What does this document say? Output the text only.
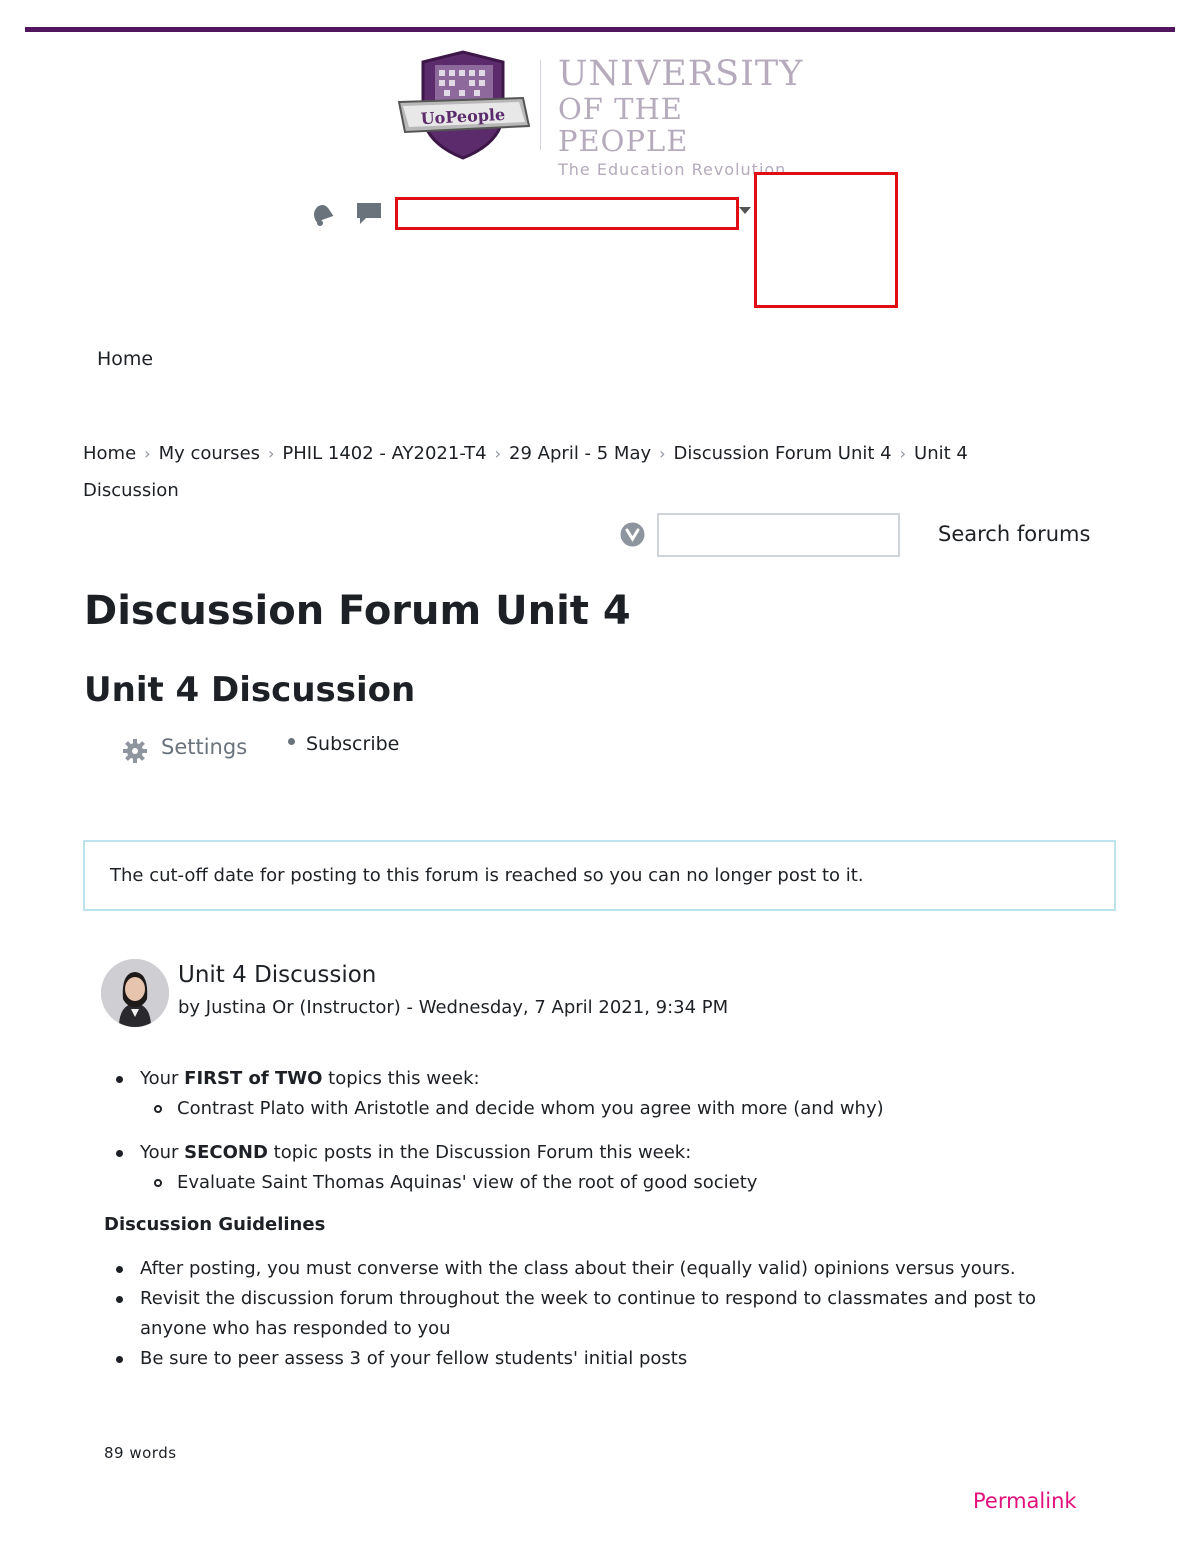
UoPeople
UNIVERSITY
OF THE PEOPLE
The Education Revolution
Home
Home › My courses › PHIL 1402 - AY2021-T4 › 29 April - 5 May › Discussion Forum Unit 4 › Unit 4 Discussion
Search forums
Discussion Forum Unit 4
Unit 4 Discussion
Settings	Subscribe
The cut-off date for posting to this forum is reached so you can no longer post to it.
Unit 4 Discussion
by Justina Or (Instructor) - Wednesday, 7 April 2021, 9:34 PM
Your FIRST of TWO topics this week:
Contrast Plato with Aristotle and decide whom you agree with more (and why)
Your SECOND topic posts in the Discussion Forum this week:
Evaluate Saint Thomas Aquinas' view of the root of good society
Discussion Guidelines
After posting, you must converse with the class about their (equally valid) opinions versus yours.
Revisit the discussion forum throughout the week to continue to respond to classmates and post to anyone who has responded to you
Be sure to peer assess 3 of your fellow students' initial posts
89 words
Permalink
